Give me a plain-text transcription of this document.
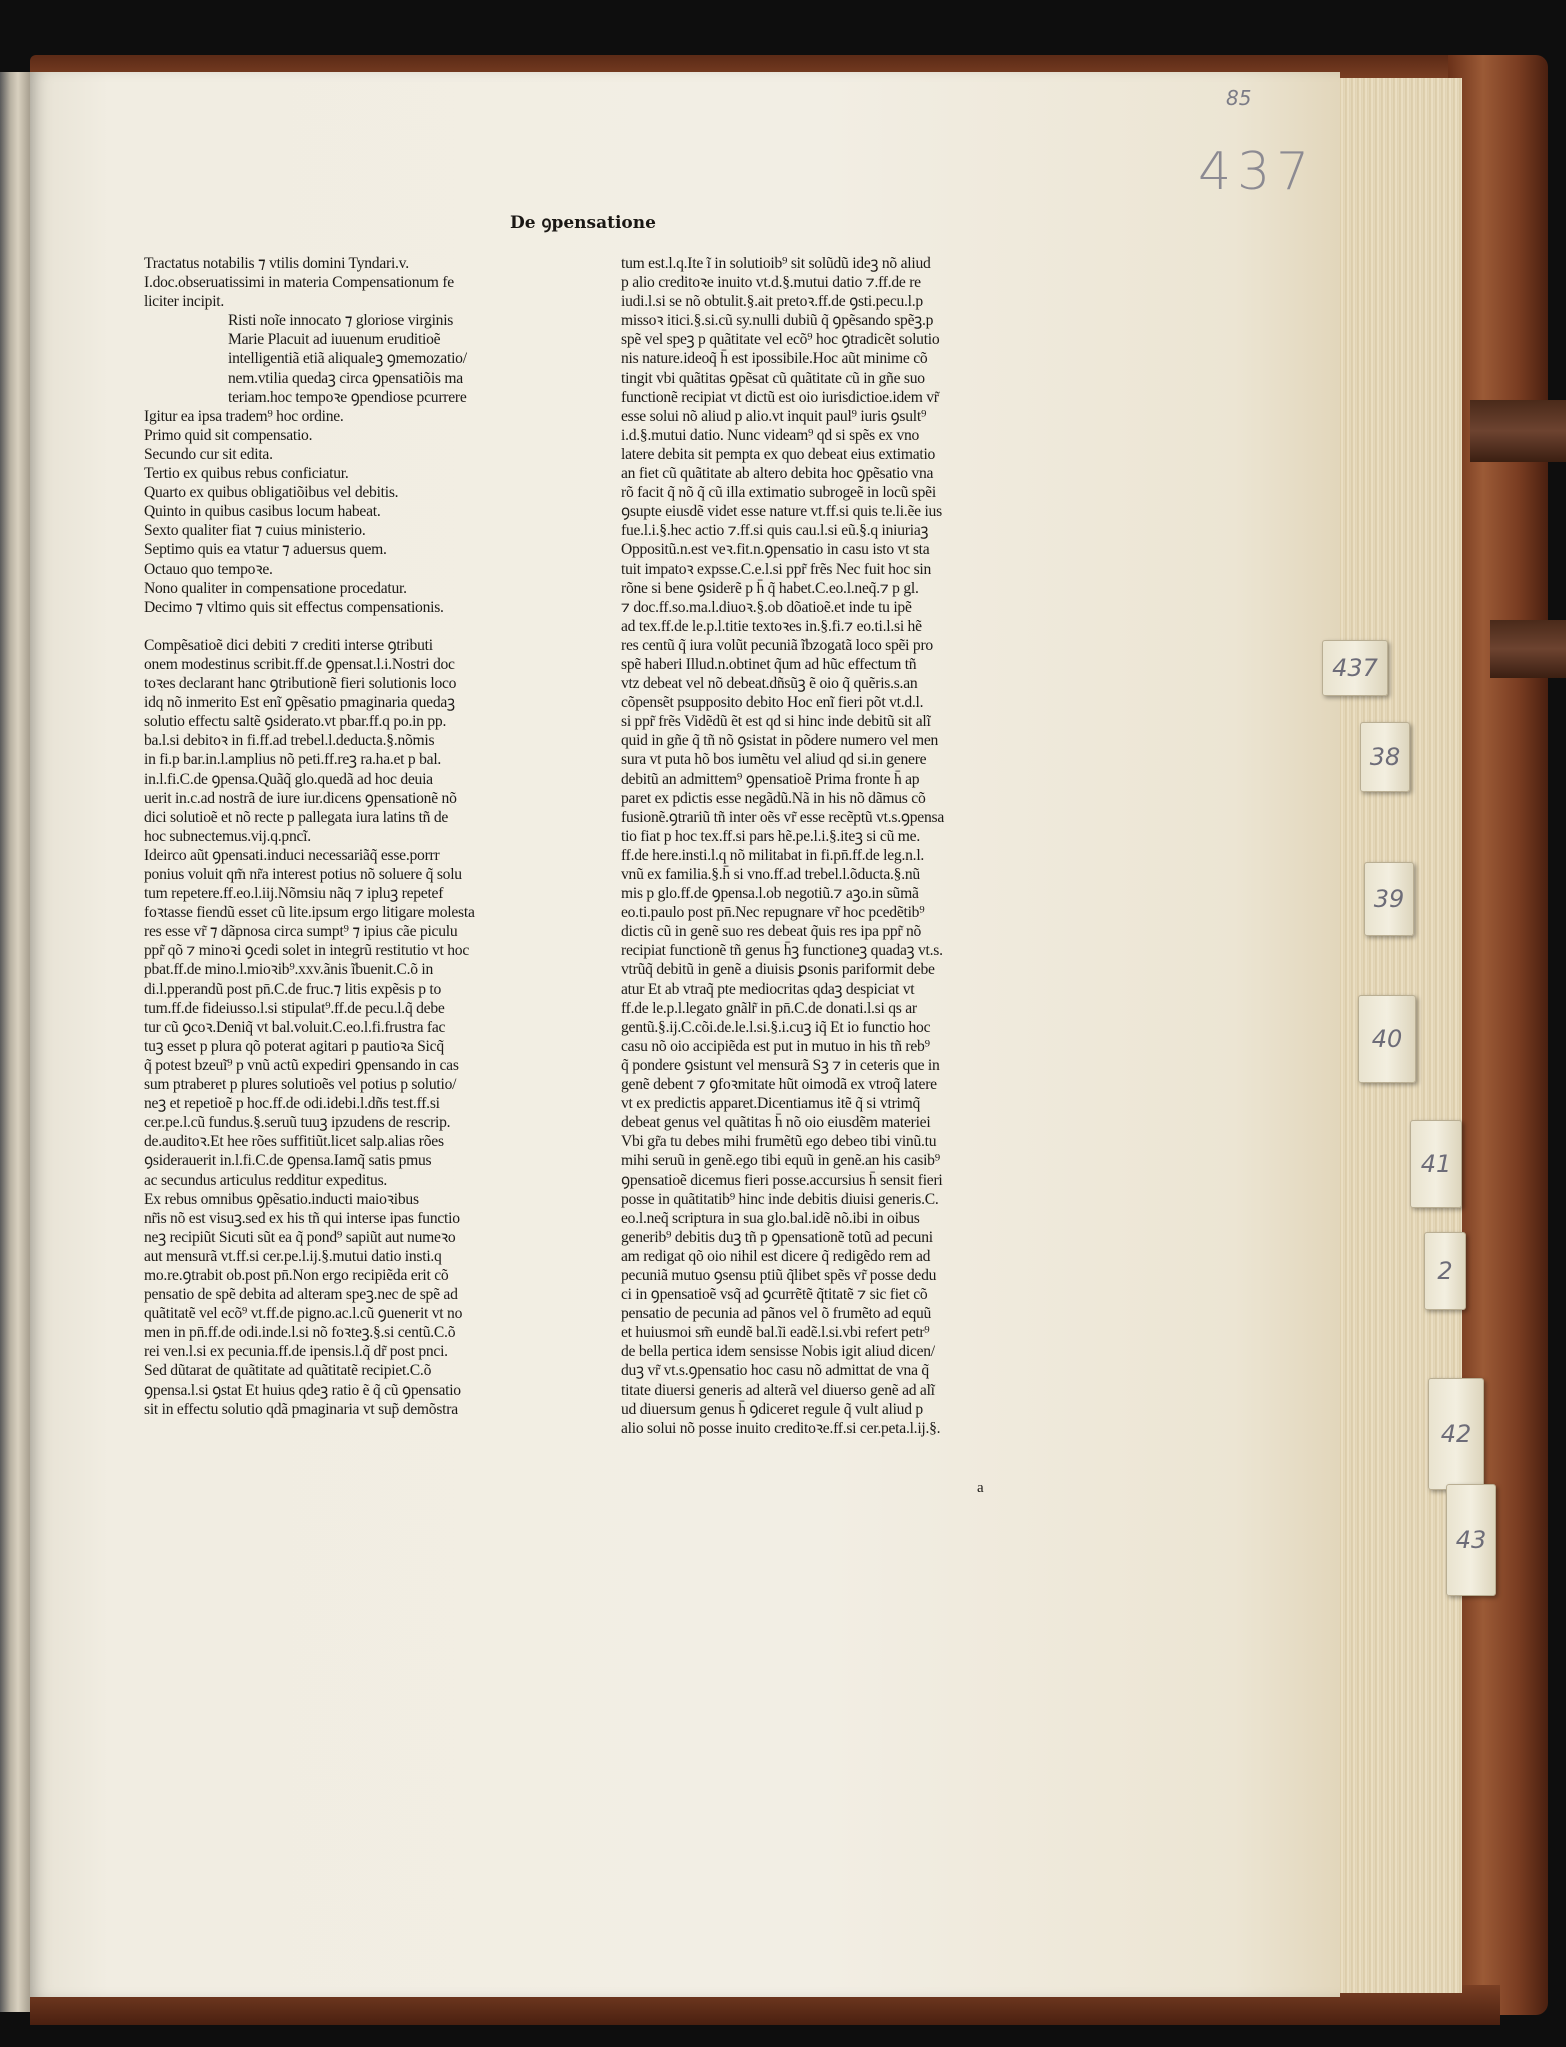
85
437
De ꝯpensatione
Tractatus notabilis ⁊ vtilis domini Tyndari.v.
I.doc.obseruatissimi in materia Compensationum fe
liciter incipit.
Risti noĩe innocato ⁊ gloriose virginis
Marie Placuit ad iuuenum eruditioẽ
intelligentiã etiã aliqualeꝫ ꝯmemozatio/
nem.vtilia quedaꝫ circa ꝯpensatiõis ma
teriam.hoc tempoꝛe ꝯpendiose pcurrere
Igitur ea ipsa tradem⁹ hoc ordine.
Primo quid sit compensatio.
Secundo cur sit edita.
Tertio ex quibus rebus conficiatur.
Quarto ex quibus obligatiõibus vel debitis.
Quinto in quibus casibus locum habeat.
Sexto qualiter fiat ⁊ cuius ministerio.
Septimo quis ea vtatur ⁊ aduersus quem.
Octauo quo tempoꝛe.
Nono qualiter in compensatione procedatur.
Decimo ⁊ vltimo quis sit effectus compensationis.
Compẽsatioẽ dici debiti ⁊ crediti interse ꝯtributi
onem modestinus scribit.ff.de ꝯpensat.l.i.Nostri doc
toꝛes declarant hanc ꝯtributionẽ fieri solutionis loco
idq nõ inmerito Est enĩ ꝯpẽsatio pmaginaria quedaꝫ
solutio effectu saltẽ ꝯsiderato.vt pbar.ff.q po.in pp.
ba.l.si debitoꝛ in fi.ff.ad trebel.l.deducta.§.nõmis
in fi.p bar.in.l.amplius nõ peti.ff.reꝫ ra.ha.et p bal.
in.l.fi.C.de ꝯpensa.Quãq̃ glo.quedã ad hoc deuia
uerit in.c.ad nostrã de iure iur.dicens ꝯpensationẽ nõ
dici solutioẽ et nõ recte p pallegata iura latins tñ de
hoc subnectemus.vij.q.pncĩ.
Ideirco aũt ꝯpensati.induci necessariãq̃ esse.porrr
ponius voluit qm̃ nr̃a interest potius nõ soluere q̃ solu
tum repetere.ff.eo.l.iij.Nõmsiu nãq ⁊ ipluꝫ repetef
foꝛtasse fiendũ esset cũ lite.ipsum ergo litigare molesta
res esse vr̃ ⁊ dãpnosa circa sumpt⁹ ⁊ ipius cãe piculu
ppr̃ qõ ⁊ minoꝛi ꝯcedi solet in integrũ restitutio vt hoc
pbat.ff.de mino.l.mioꝛib⁹.xxv.ãnis ĩbuenit.C.õ in
di.l.pperandũ post pn̄.C.de fruc.⁊ litis expẽsis p to
tum.ff.de fideiusso.l.si stipulat⁹.ff.de pecu.l.q̃ debe
tur cũ ꝯcoꝛ.Deniq̃ vt bal.voluit.C.eo.l.fi.frustra fac
tuꝫ esset p plura qõ poterat agitari p pautioꝛa Sicq̃
q̃ potest bzeuĩ⁹ p vnũ actũ expediri ꝯpensando in cas
sum ptraberet p plures solutioẽs vel potius p solutio/
neꝫ et repetioẽ p hoc.ff.de odi.idebi.l.dñs test.ff.si
cer.pe.l.cũ fundus.§.seruũ tuuꝫ ipzudens de rescrip.
de.auditoꝛ.Et hee rões suffitiũt.licet salp.alias rões
ꝯsiderauerit in.l.fi.C.de ꝯpensa.Iamq̃ satis pmus
ac secundus articulus redditur expeditus.
Ex rebus omnibus ꝯpẽsatio.inducti maioꝛibus
nr̃is nõ est visuꝫ.sed ex his tñ qui interse ipas functio
neꝫ recipiũt Sicuti sũt ea q̃ pond⁹ sapiũt aut numeꝛo
aut mensurã vt.ff.si cer.pe.l.ij.§.mutui datio insti.q
mo.re.ꝯtrabit ob.post pn̄.Non ergo recipiẽda erit cõ
pensatio de spẽ debita ad alteram speꝫ.nec de spẽ ad
quãtitatẽ vel ecõ⁹ vt.ff.de pigno.ac.l.cũ ꝯuenerit vt no
men in pn̄.ff.de odi.inde.l.si nõ foꝛteꝫ.§.si centũ.C.õ
rei ven.l.si ex pecunia.ff.de ipensis.l.q̃ dr̃ post pnci.
Sed dũtarat de quãtitate ad quãtitatẽ recipiet.C.õ
ꝯpensa.l.si ꝯstat Et huius qdeꝫ ratio ẽ q̃ cũ ꝯpensatio
sit in effectu solutio qdã pmaginaria vt sup̃ demõstra
tum est.l.q.Ite ĩ in solutioib⁹ sit solũdũ ideꝫ nõ aliud
p alio creditoꝛe inuito vt.d.§.mutui datio ⁊.ff.de re
iudi.l.si se nõ obtulit.§.ait pretoꝛ.ff.de ꝯsti.pecu.l.p
missoꝛ itici.§.si.cũ sy.nulli dubiũ q̃ ꝯpẽsando spẽꝫ.p
spẽ vel speꝫ p quãtitate vel ecõ⁹ hoc ꝯtradicẽt solutio
nis nature.ideoq̃ h̄ est ipossibile.Hoc aũt minime cõ
tingit vbi quãtitas ꝯpẽsat cũ quãtitate cũ in gñe suo
functionẽ recipiat vt dictũ est oio iurisdictioe.idem vr̃
esse solui nõ aliud p alio.vt inquit paul⁹ iuris ꝯsult⁹
i.d.§.mutui datio. Nunc videam⁹ qd si spẽs ex vno
latere debita sit pempta ex quo debeat eius extimatio
an fiet cũ quãtitate ab altero debita hoc ꝯpẽsatio vna
rõ facit q̃ nõ q̃ cũ illa extimatio subrogeẽ in locũ spẽi
ꝯsupte eiusdẽ videt esse nature vt.ff.si quis te.li.ẽe ius
fue.l.i.§.hec actio ⁊.ff.si quis cau.l.si eũ.§.q iniuriaꝫ
Oppositũ.n.est veꝛ.fit.n.ꝯpensatio in casu isto vt sta
tuit impatoꝛ expsse.C.e.l.si ppr̃ frẽs Nec fuit hoc sin
rõne si bene ꝯsiderẽ p h̄ q̃ habet.C.eo.l.neq̃.⁊ p gl.
⁊ doc.ff.so.ma.l.diuoꝛ.§.ob dõatioẽ.et inde tu ipẽ
ad tex.ff.de le.p.l.titie textoꝛes in.§.fi.⁊ eo.ti.l.si hẽ
res centũ q̃ iura volũt pecuniã ĩbzogatã loco spẽi pro
spẽ haberi Illud.n.obtinet q̃um ad hũc effectum tñ
vtz debeat vel nõ debeat.dñsũꝫ ẽ oio q̃ quẽris.s.an
cõpensẽt psupposito debito Hoc enĩ fieri põt vt.d.l.
si ppr̃ frẽs Vidẽdũ ẽt est qd si hinc inde debitũ sit alĩ
quid in gñe q̃ tñ nõ ꝯsistat in põdere numero vel men
sura vt puta hõ bos iumẽtu vel aliud qd si.in genere
debitũ an admittem⁹ ꝯpensatioẽ Prima fronte h̄ ap
paret ex pdictis esse negãdũ.Nã in his nõ dãmus cõ
fusionẽ.ꝯtrariũ tñ inter oẽs vr̃ esse recẽptũ vt.s.ꝯpensa
tio fiat p hoc tex.ff.si pars hẽ.pe.l.i.§.iteꝫ si cũ me.
ff.de here.insti.l.q nõ militabat in fi.pn̄.ff.de leg.n.l.
vnũ ex familia.§.h̄ si vno.ff.ad trebel.l.õducta.§.nũ
mis p glo.ff.de ꝯpensa.l.ob negotiũ.⁊ aꝫo.in sũmã
eo.ti.paulo post pn̄.Nec repugnare vr̃ hoc pcedẽtib⁹
dictis cũ in genẽ suo res debeat q̃uis res ipa ppr̃ nõ
recipiat functionẽ tñ genus h̄ꝫ functioneꝫ quadaꝫ vt.s.
vtrũq̃ debitũ in genẽ a diuisis ꝑsonis pariformit debe
atur Et ab vtraq̃ pte mediocritas qdaꝫ despiciat vt
ff.de le.p.l.legato gnãlr̃ in pn̄.C.de donati.l.si qs ar
gentũ.§.ij.C.cõi.de.le.l.si.§.i.cuꝫ iq̃ Et io functio hoc
casu nõ oio accipiẽda est put in mutuo in his tñ reb⁹
q̃ pondere ꝯsistunt vel mensurã Sꝫ ⁊ in ceteris que in
genẽ debent ⁊ ꝯfoꝛmitate hũt oimodã ex vtroq̃ latere
vt ex predictis apparet.Dicentiamus itẽ q̃ si vtrimq̃
debeat genus vel quãtitas h̄ nõ oio eiusdẽm materiei
Vbi gr̃a tu debes mihi frumẽtũ ego debeo tibi vinũ.tu
mihi seruũ in genẽ.ego tibi equũ in genẽ.an his casib⁹
ꝯpensatioẽ dicemus fieri posse.accursius h̄ sensit fieri
posse in quãtitatib⁹ hinc inde debitis diuisi generis.C.
eo.l.neq̃ scriptura in sua glo.bal.idẽ nõ.ibi in oibus
generib⁹ debitis duꝫ tñ p ꝯpensationẽ totũ ad pecuni
am redigat qõ oio nihil est dicere q̃ redigẽdo rem ad
pecuniã mutuo ꝯsensu ptiũ q̃libet spẽs vr̃ posse dedu
ci in ꝯpensatioẽ vsq̃ ad ꝯcurrẽtẽ q̃titatẽ ⁊ sic fiet cõ
pensatio de pecunia ad pãnos vel õ frumẽto ad equũ
et huiusmoi sm̃ eundẽ bal.ĩi eadẽ.l.si.vbi refert petr⁹
de bella pertica idem sensisse Nobis igit aliud dicen/
duꝫ vr̃ vt.s.ꝯpensatio hoc casu nõ admittat de vna q̃
titate diuersi generis ad alterã vel diuerso genẽ ad alĩ
ud diuersum genus h̄ ꝯdiceret regule q̃ vult aliud p
alio solui nõ posse inuito creditoꝛe.ff.si cer.peta.l.ij.§.
a
437
38
39
40
41
2
42
43
